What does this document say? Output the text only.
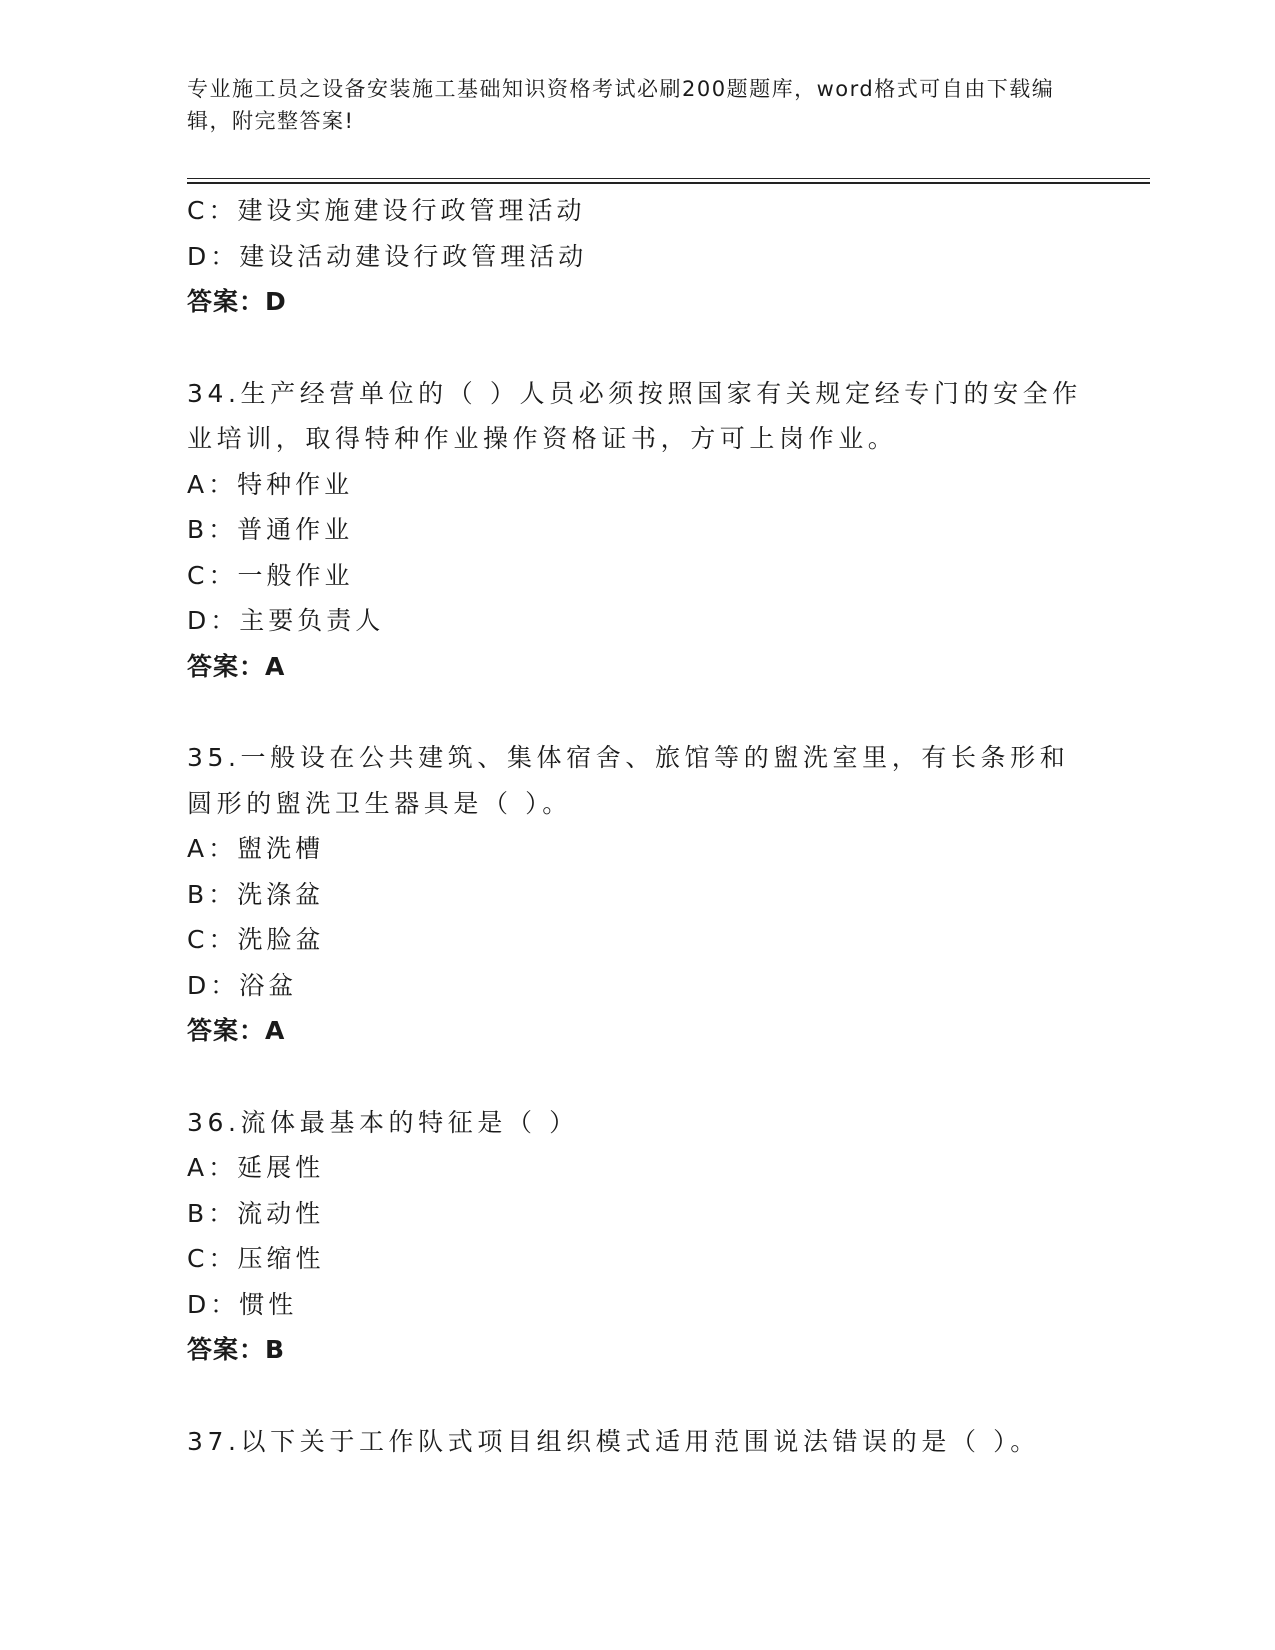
专业施工员之设备安装施工基础知识资格考试必刷200题题库，word格式可自由下载编辑，附完整答案!
C：建设实施建设行政管理活动
D：建设活动建设行政管理活动
答案：D
34.生产经营单位的（ ）人员必须按照国家有关规定经专门的安全作业培训，取得特种作业操作资格证书，方可上岗作业。
A：特种作业
B：普通作业
C：一般作业
D：主要负责人
答案：A
35.一般设在公共建筑、集体宿舍、旅馆等的盥洗室里，有长条形和圆形的盥洗卫生器具是（ ）。
A：盥洗槽
B：洗涤盆
C：洗脸盆
D：浴盆
答案：A
36.流体最基本的特征是（ ）
A：延展性
B：流动性
C：压缩性
D：惯性
答案：B
37.以下关于工作队式项目组织模式适用范围说法错误的是（ ）。
